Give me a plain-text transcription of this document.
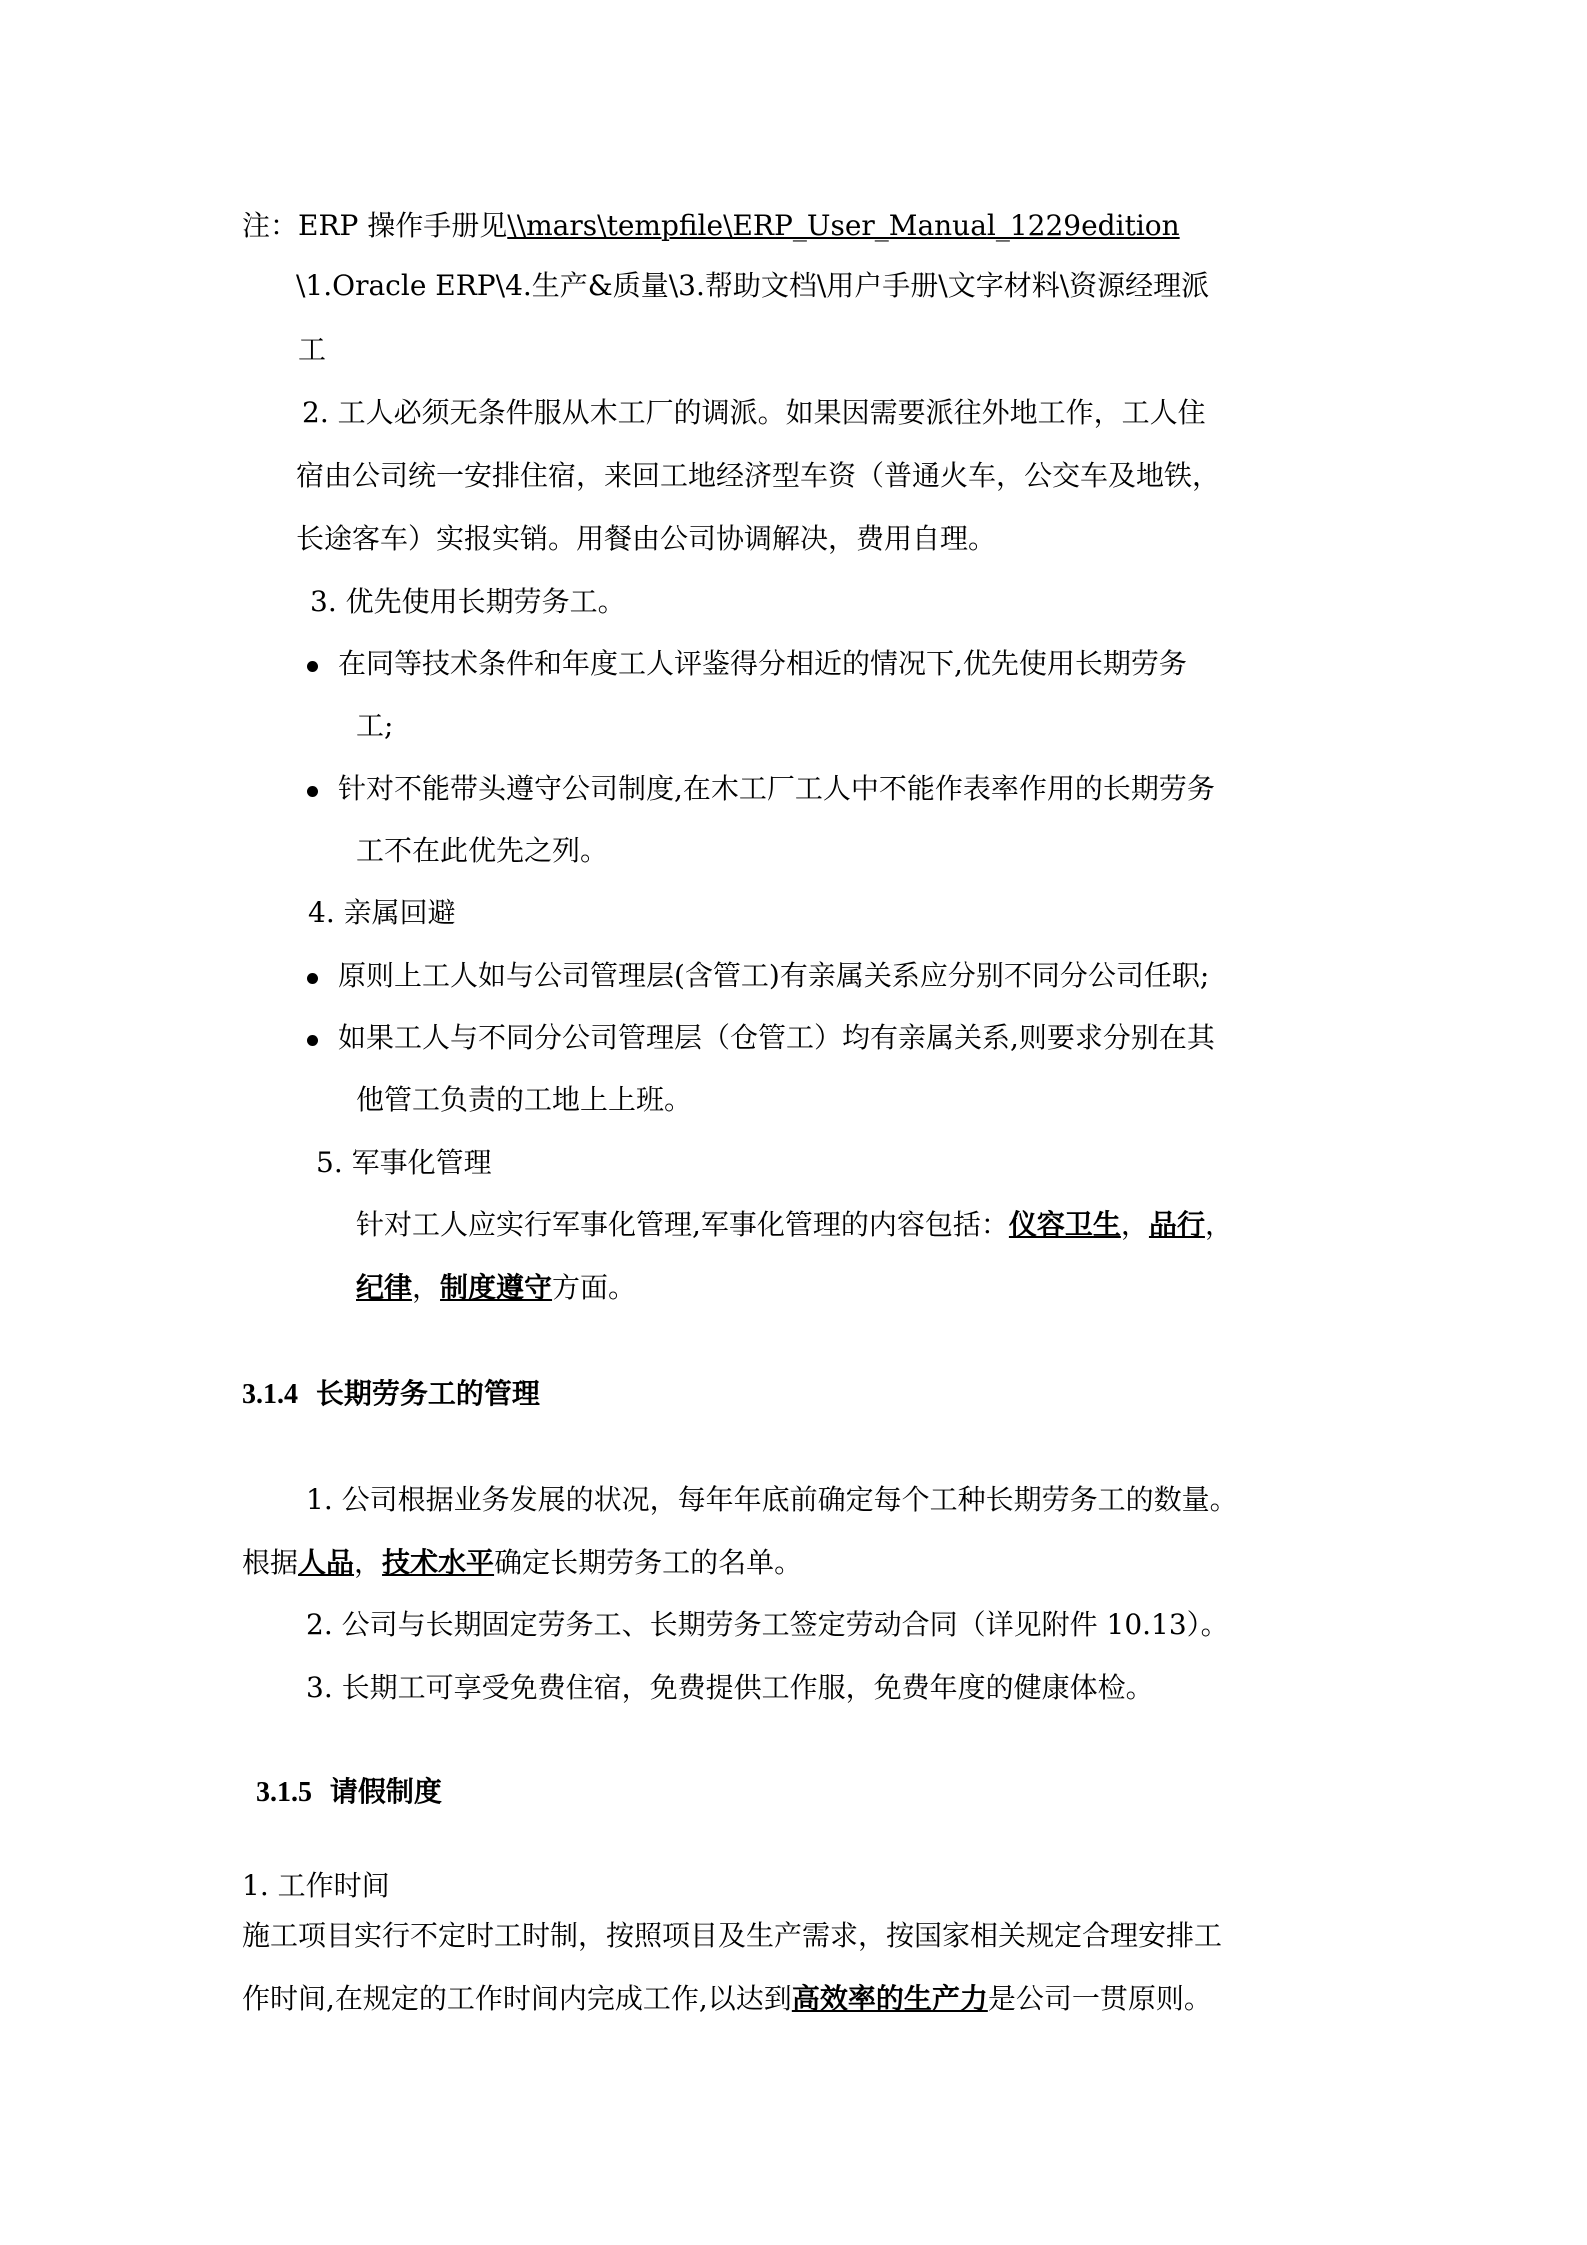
注：ERP 操作手册见\\mars\tempfile\ERP_User_Manual_1229edition
\1.Oracle ERP\4.生产&质量\3.帮助文档\用户手册\文字材料\资源经理派
工
2. 工人必须无条件服从木工厂的调派。如果因需要派往外地工作，工人住
宿由公司统一安排住宿，来回工地经济型车资（普通火车，公交车及地铁，
长途客车）实报实销。用餐由公司协调解决，费用自理。
3. 优先使用长期劳务工。
在同等技术条件和年度工人评鉴得分相近的情况下,优先使用长期劳务
工;
针对不能带头遵守公司制度,在木工厂工人中不能作表率作用的长期劳务
工不在此优先之列。
4. 亲属回避
原则上工人如与公司管理层(含管工)有亲属关系应分别不同分公司任职;
如果工人与不同分公司管理层（仓管工）均有亲属关系,则要求分别在其
他管工负责的工地上上班。
5. 军事化管理
针对工人应实行军事化管理,军事化管理的内容包括：仪容卫生，品行，
纪律，制度遵守方面。
3.1.4 长期劳务工的管理
1. 公司根据业务发展的状况，每年年底前确定每个工种长期劳务工的数量。
根据人品，技术水平确定长期劳务工的名单。
2. 公司与长期固定劳务工、长期劳务工签定劳动合同（详见附件 10.13）。
3. 长期工可享受免费住宿，免费提供工作服，免费年度的健康体检。
3.1.5 请假制度
1. 工作时间
施工项目实行不定时工时制，按照项目及生产需求，按国家相关规定合理安排工
作时间,在规定的工作时间内完成工作,以达到高效率的生产力是公司一贯原则。
